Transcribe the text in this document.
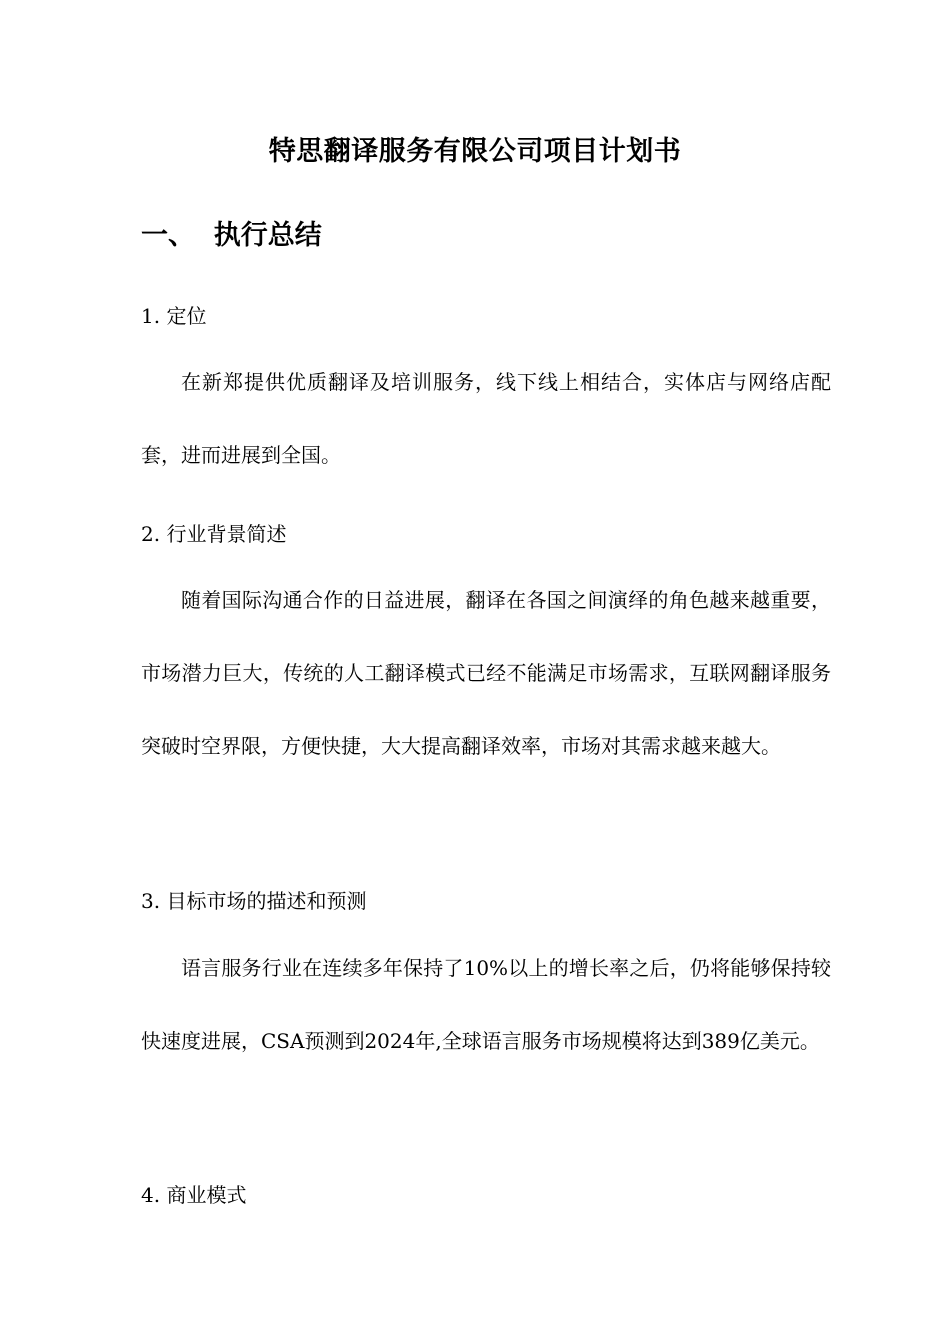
特思翻译服务有限公司项目计划书
一、  执行总结
1. 定位
在新郑提供优质翻译及培训服务，线下线上相结合，实体店与网络店配套，进而进展到全国。
2. 行业背景简述
随着国际沟通合作的日益进展，翻译在各国之间演绎的角色越来越重要，市场潜力巨大，传统的人工翻译模式已经不能满足市场需求，互联网翻译服务突破时空界限，方便快捷，大大提高翻译效率，市场对其需求越来越大。
3. 目标市场的描述和预测
语言服务行业在连续多年保持了10%以上的增长率之后，仍将能够保持较快速度进展，CSA预测到2024年,全球语言服务市场规模将达到389亿美元。
4. 商业模式
